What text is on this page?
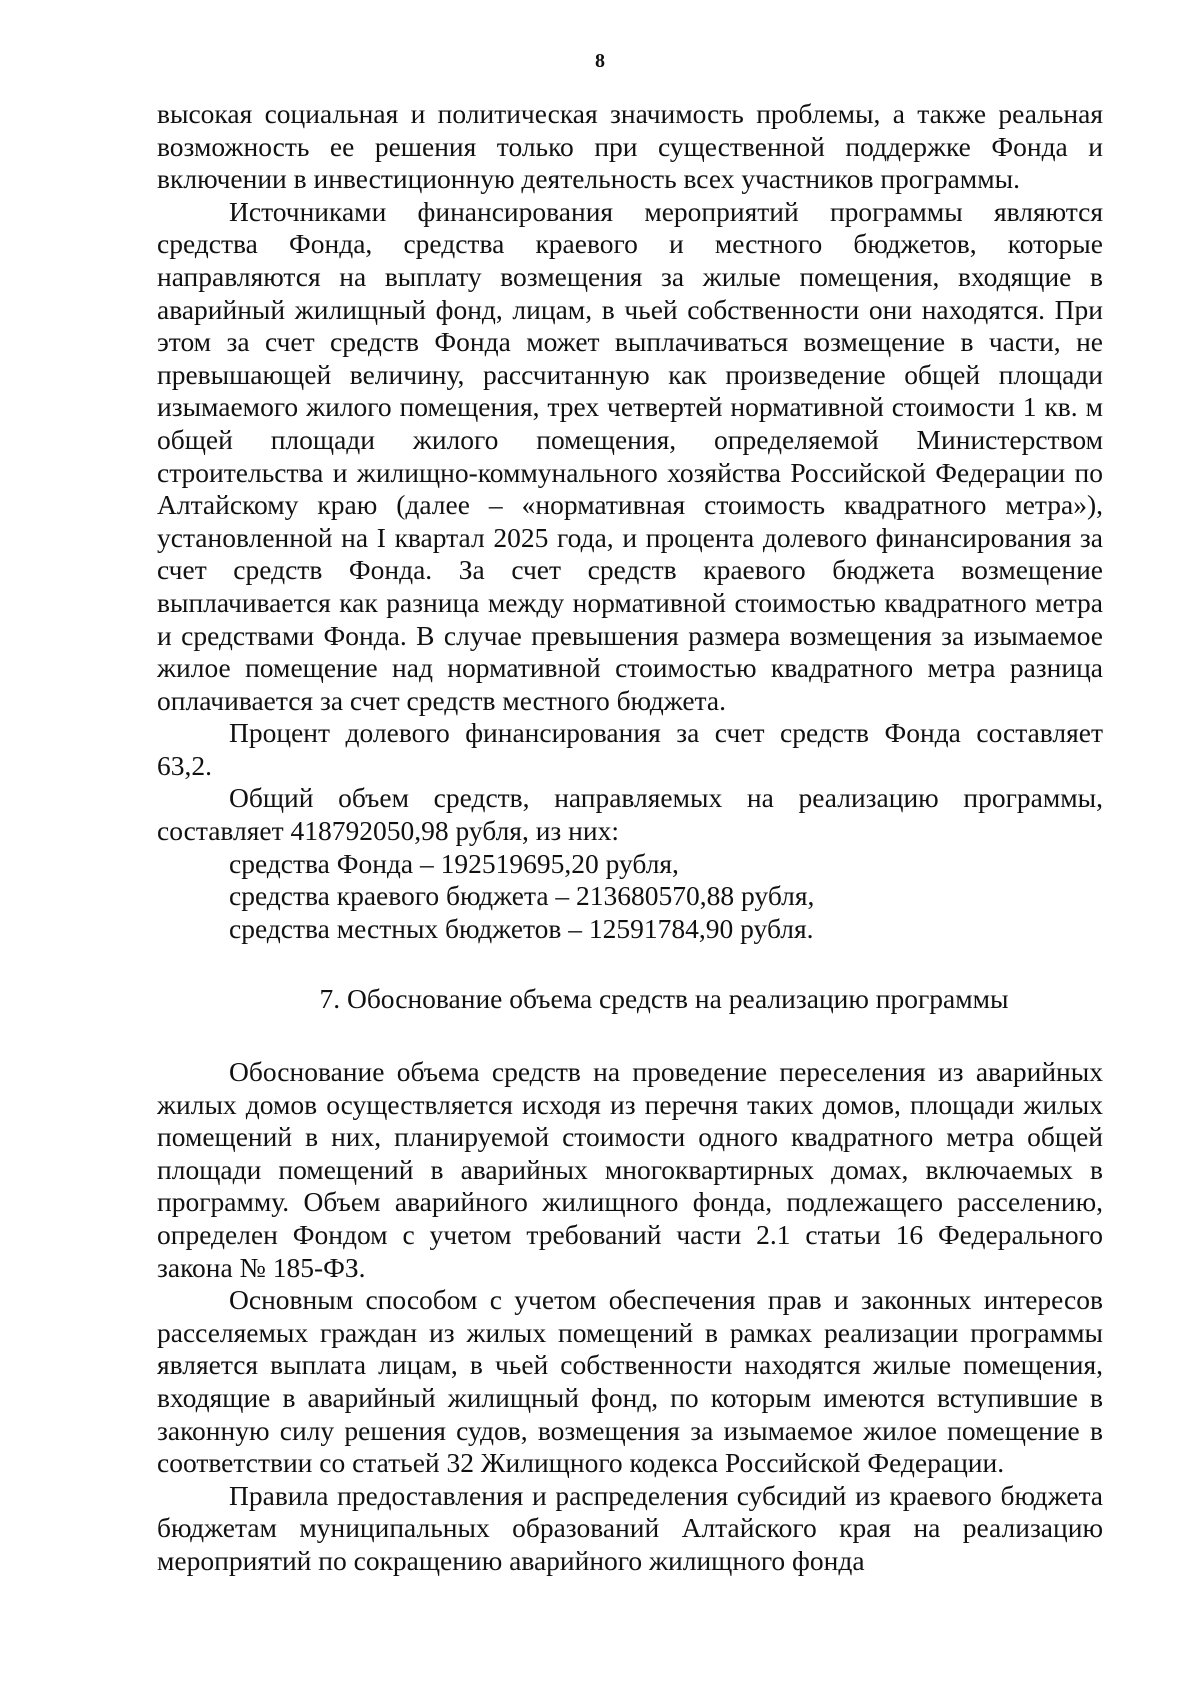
8

высокая социальная и политическая значимость проблемы, а также реальная возможность ее решения только при существенной поддержке Фонда и включении в инвестиционную деятельность всех участников программы.

Источниками финансирования мероприятий программы являются средства Фонда, средства краевого и местного бюджетов, которые направляются на выплату возмещения за жилые помещения, входящие в аварийный жилищный фонд, лицам, в чьей собственности они находятся. При этом за счет средств Фонда может выплачиваться возмещение в части, не превышающей величину, рассчитанную как произведение общей площади изымаемого жилого помещения, трех четвертей нормативной стоимости 1 кв. м общей площади жилого помещения, определяемой Министерством строительства и жилищно-коммунального хозяйства Российской Федерации по Алтайскому краю (далее – «нормативная стоимость квадратного метра»), установленной на I квартал 2025 года, и процента долевого финансирования за счет средств Фонда. За счет средств краевого бюджета возмещение выплачивается как разница между нормативной стоимостью квадратного метра и средствами Фонда. В случае превышения размера возмещения за изымаемое жилое помещение над нормативной стоимостью квадратного метра разница оплачивается за счет средств местного бюджета.

Процент долевого финансирования за счет средств Фонда составляет 63,2.

Общий объем средств, направляемых на реализацию программы, составляет 418792050,98 рубля, из них:

средства Фонда – 192519695,20 рубля,

средства краевого бюджета – 213680570,88 рубля,

средства местных бюджетов – 12591784,90 рубля.

7. Обоснование объема средств на реализацию программы

Обоснование объема средств на проведение переселения из аварийных жилых домов осуществляется исходя из перечня таких домов, площади жилых помещений в них, планируемой стоимости одного квадратного метра общей площади помещений в аварийных многоквартирных домах, включаемых в программу. Объем аварийного жилищного фонда, подлежащего расселению, определен Фондом с учетом требований части 2.1 статьи 16 Федерального закона № 185-ФЗ.

Основным способом с учетом обеспечения прав и законных интересов расселяемых граждан из жилых помещений в рамках реализации программы является выплата лицам, в чьей собственности находятся жилые помещения, входящие в аварийный жилищный фонд, по которым имеются вступившие в законную силу решения судов, возмещения за изымаемое жилое помещение в соответствии со статьей 32 Жилищного кодекса Российской Федерации.

Правила предоставления и распределения субсидий из краевого бюджета бюджетам муниципальных образований Алтайского края на реализацию мероприятий по сокращению аварийного жилищного фонда
